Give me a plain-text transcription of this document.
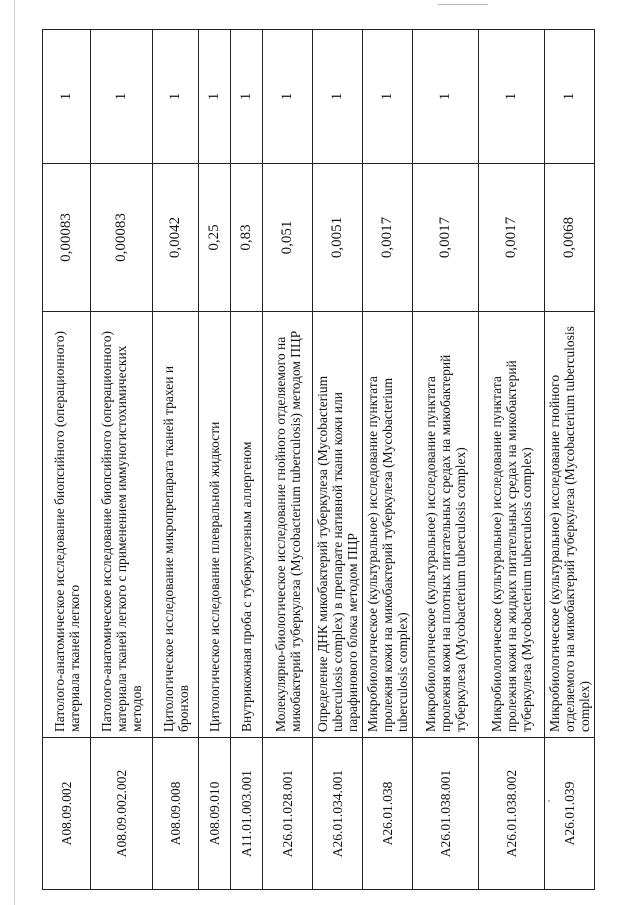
A08.09.002	Патолого-анатомическое исследование биопсийного (операционного) материала тканей легкого	0,00083	1
A08.09.002.002	Патолого-анатомическое исследование биопсийного (операционного) материала тканей легкого с применением иммуногистохимических методов	0,00083	1
A08.09.008	Цитологическое исследование микропрепарата тканей трахеи и бронхов	0,0042	1
A08.09.010	Цитологическое исследование плевральной жидкости	0,25	1
A11.01.003.001	Внутрикожная проба с туберкулезным аллергеном	0,83	1
A26.01.028.001	Молекулярно-биологическое исследование гнойного отделяемого на микобактерий туберкулеза (Mycobacterium tuberculosis) методом ПЦР	0,051	1
A26.01.034.001	Определение ДНК микобактерий туберкулеза (Mycobacterium tuberculosis complex) в препарате нативной ткани кожи или парафинового блока методом ПЦР	0,0051	1
A26.01.038	Микробиологическое (культуральное) исследование пунктата пролежня кожи на микобактерий туберкулеза (Mycobacterium tuberculosis complex)	0,0017	1
A26.01.038.001	Микробиологическое (культуральное) исследование пунктата пролежня кожи на плотных питательных средах на микобактерий туберкулеза (Mycobacterium tuberculosis complex)	0,0017	1
A26.01.038.002	Микробиологическое (культуральное) исследование пунктата пролежня кожи на жидких питательных средах на микобактерий туберкулеза (Mycobacterium tuberculosis complex)	0,0017	1
A26.01.039	Микробиологическое (культуральное) исследование гнойного отделяемого на микобактерий туберкулеза (Mycobacterium tuberculosis complex)	0,0068	1
